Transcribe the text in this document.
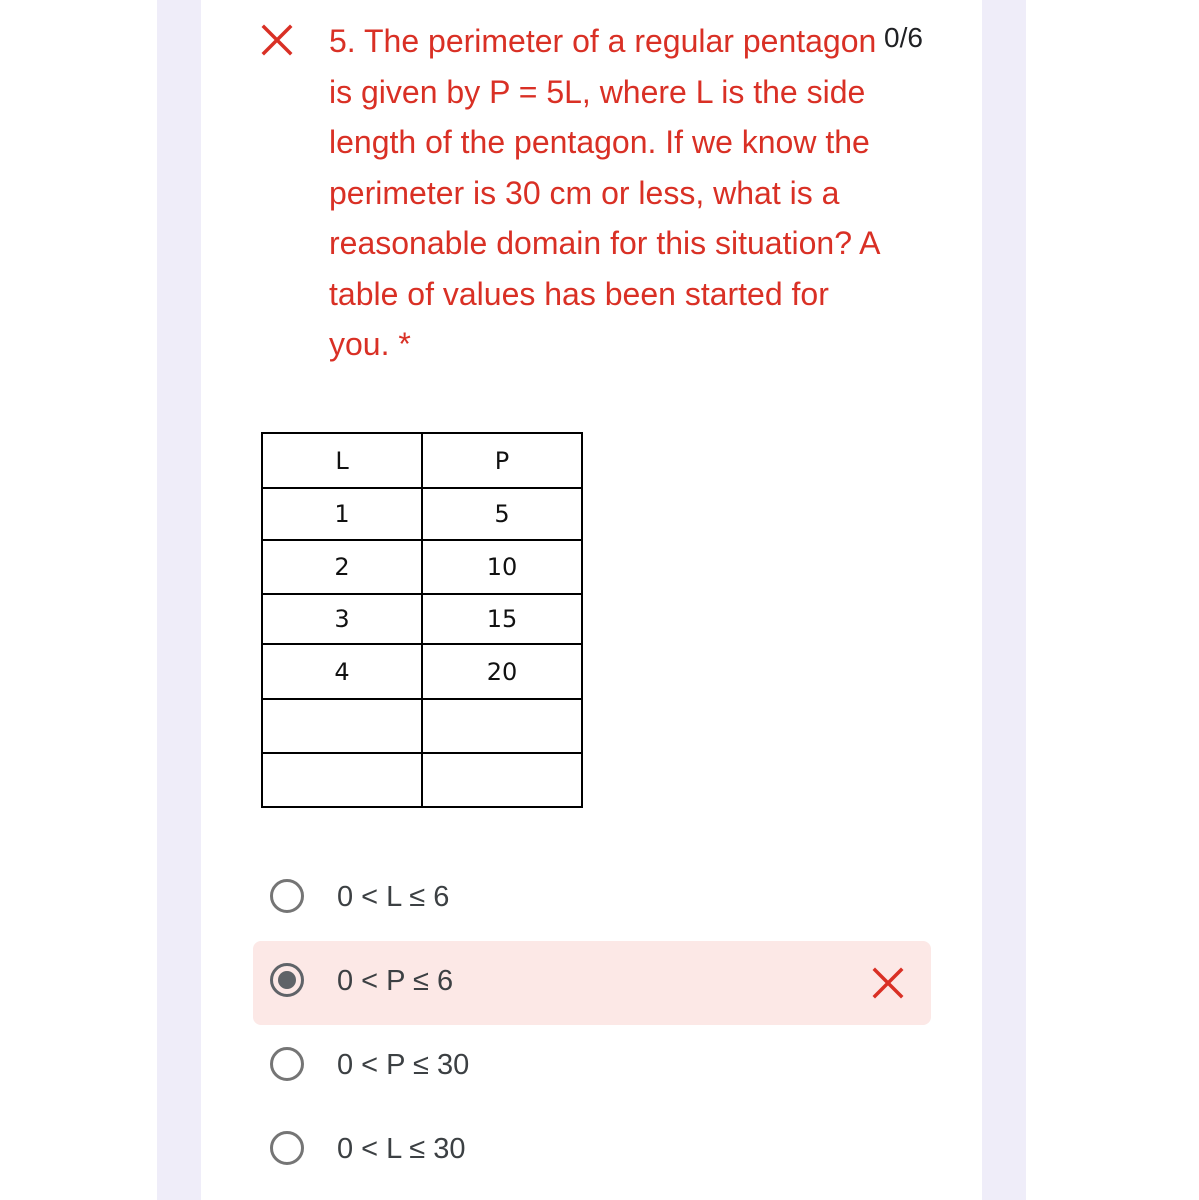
5. The perimeter of a regular pentagon is given by P = 5L, where L is the side length of the pentagon. If we know the perimeter is 30 cm or less, what is a reasonable domain for this situation? A table of values has been started for you. *
0/6
L	P
1	5
2	10
3	15
4	20

0 < L ≤ 6
0 < P ≤ 6
0 < P ≤ 30
0 < L ≤ 30
